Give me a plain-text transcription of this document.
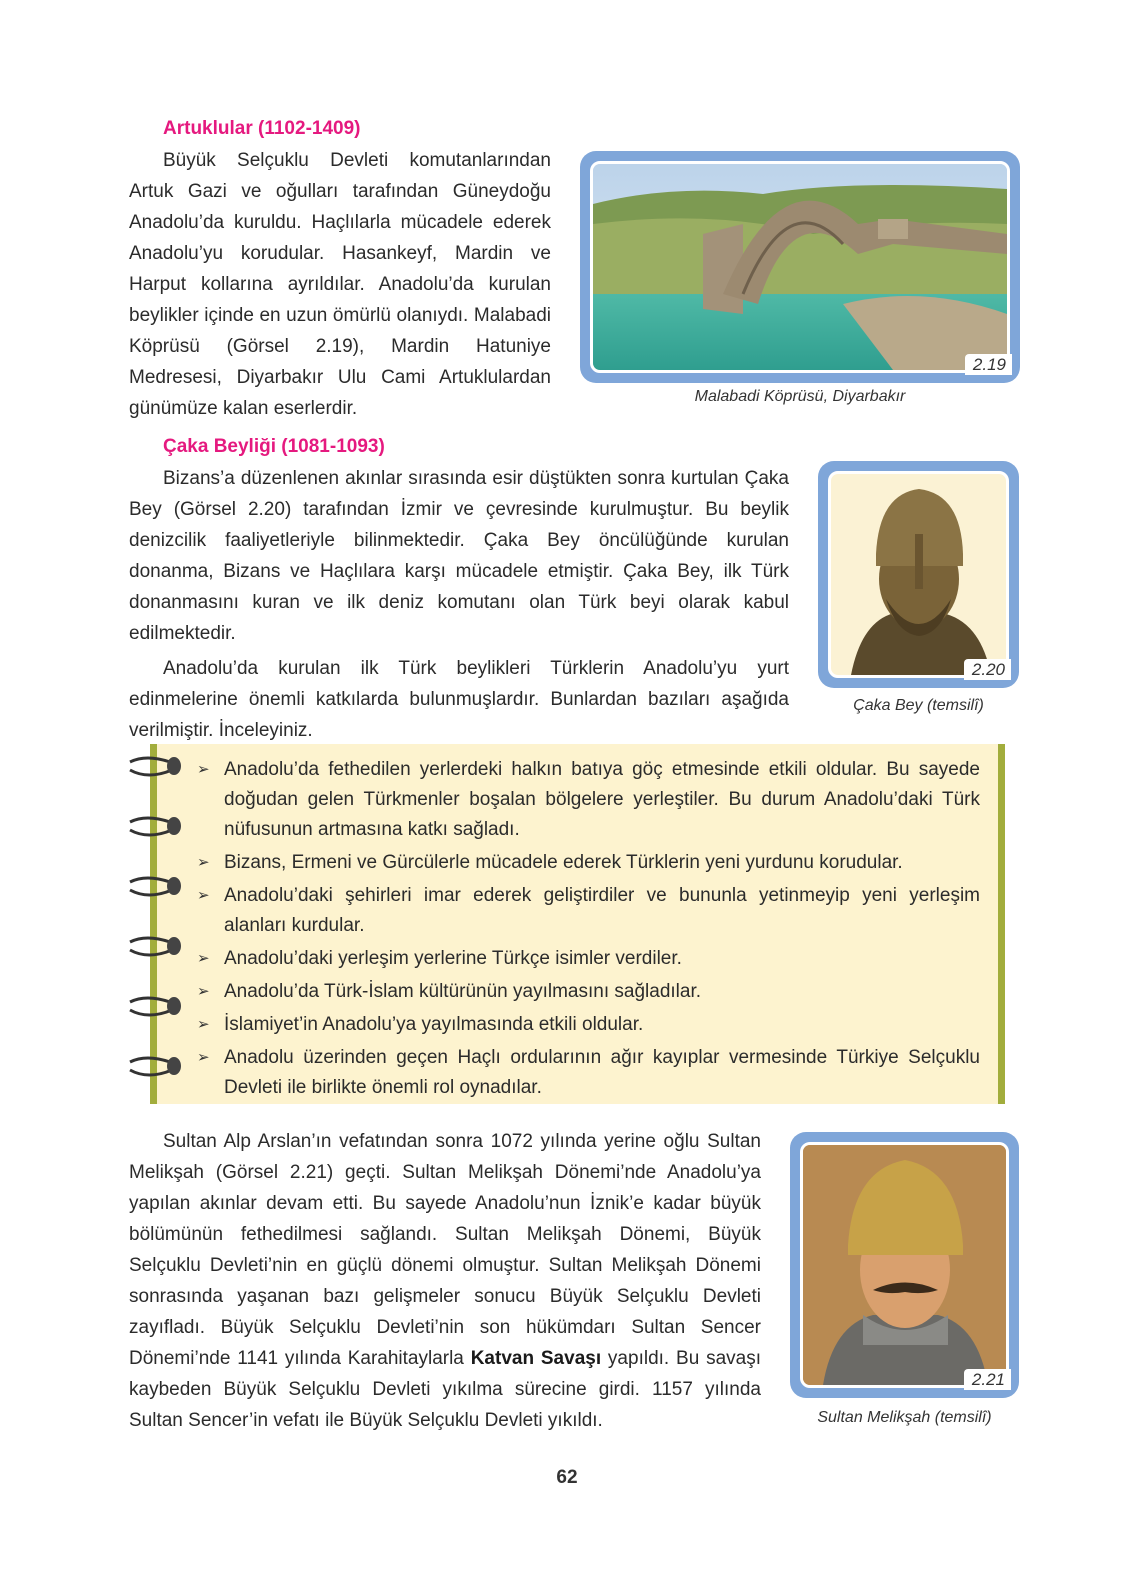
Artuklular (1102-1409)

Büyük Selçuklu Devleti komutanlarından Artuk Gazi ve oğulları tarafından Güneydoğu Anadolu’da kuruldu. Haçlılarla mücadele ederek Anadolu’yu korudular. Hasankeyf, Mardin ve Harput kollarına ayrıldılar. Anadolu’da kurulan beylikler içinde en uzun ömürlü olanıydı. Malabadi Köprüsü (Görsel 2.19), Mardin Hatuniye Medresesi, Diyarbakır Ulu Cami Artuklulardan günümüze kalan eserlerdir.

2.19
Malabadi Köprüsü, Diyarbakır
Çaka Beyliği (1081-1093)

Bizans’a düzenlenen akınlar sırasında esir düştükten sonra kurtulan Çaka Bey (Görsel 2.20) tarafından İzmir ve çevresinde kurulmuştur. Bu beylik denizcilik faaliyetleriyle bilinmektedir. Çaka Bey öncülüğünde kurulan donanma, Bizans ve Haçlılara karşı mücadele etmiştir. Çaka Bey, ilk Türk donanmasını kuran ve ilk deniz komutanı olan Türk beyi olarak kabul edilmektedir.

Anadolu’da kurulan ilk Türk beylikleri Türklerin Anadolu’yu yurt edinmelerine önemli katkılarda bulunmuşlardır. Bunlardan bazıları aşağıda verilmiştir. İnceleyiniz.

2.20
Çaka Bey (temsilî)
➢ Anadolu’da fethedilen yerlerdeki halkın batıya göç etmesinde etkili oldular. Bu sayede doğudan gelen Türkmenler boşalan bölgelere yerleştiler. Bu durum Anadolu’daki Türk nüfusunun artmasına katkı sağladı.
➢ Bizans, Ermeni ve Gürcülerle mücadele ederek Türklerin yeni yurdunu korudular.
➢ Anadolu’daki şehirleri imar ederek geliştirdiler ve bununla yetinmeyip yeni yerleşim alanları kurdular.
➢ Anadolu’daki yerleşim yerlerine Türkçe isimler verdiler.
➢ Anadolu’da Türk-İslam kültürünün yayılmasını sağladılar.
➢ İslamiyet’in Anadolu’ya yayılmasında etkili oldular.
➢ Anadolu üzerinden geçen Haçlı ordularının ağır kayıplar vermesinde Türkiye Selçuklu Devleti ile birlikte önemli rol oynadılar.

Sultan Alp Arslan’ın vefatından sonra 1072 yılında yerine oğlu Sultan Melikşah (Görsel 2.21) geçti. Sultan Melikşah Dönemi’nde Anadolu’ya yapılan akınlar devam etti. Bu sayede Anadolu’nun İznik’e kadar büyük bölümünün fethedilmesi sağlandı. Sultan Melikşah Dönemi, Büyük Selçuklu Devleti’nin en güçlü dönemi olmuştur. Sultan Melikşah Dönemi sonrasında yaşanan bazı gelişmeler sonucu Büyük Selçuklu Devleti zayıfladı. Büyük Selçuklu Devleti’nin son hükümdarı Sultan Sencer Dönemi’nde 1141 yılında Karahitaylarla Katvan Savaşı yapıldı. Bu savaşı kaybeden Büyük Selçuklu Devleti yıkılma sürecine girdi. 1157 yılında Sultan Sencer’in vefatı ile Büyük Selçuklu Devleti yıkıldı.

2.21
Sultan Melikşah (temsilî)
62
